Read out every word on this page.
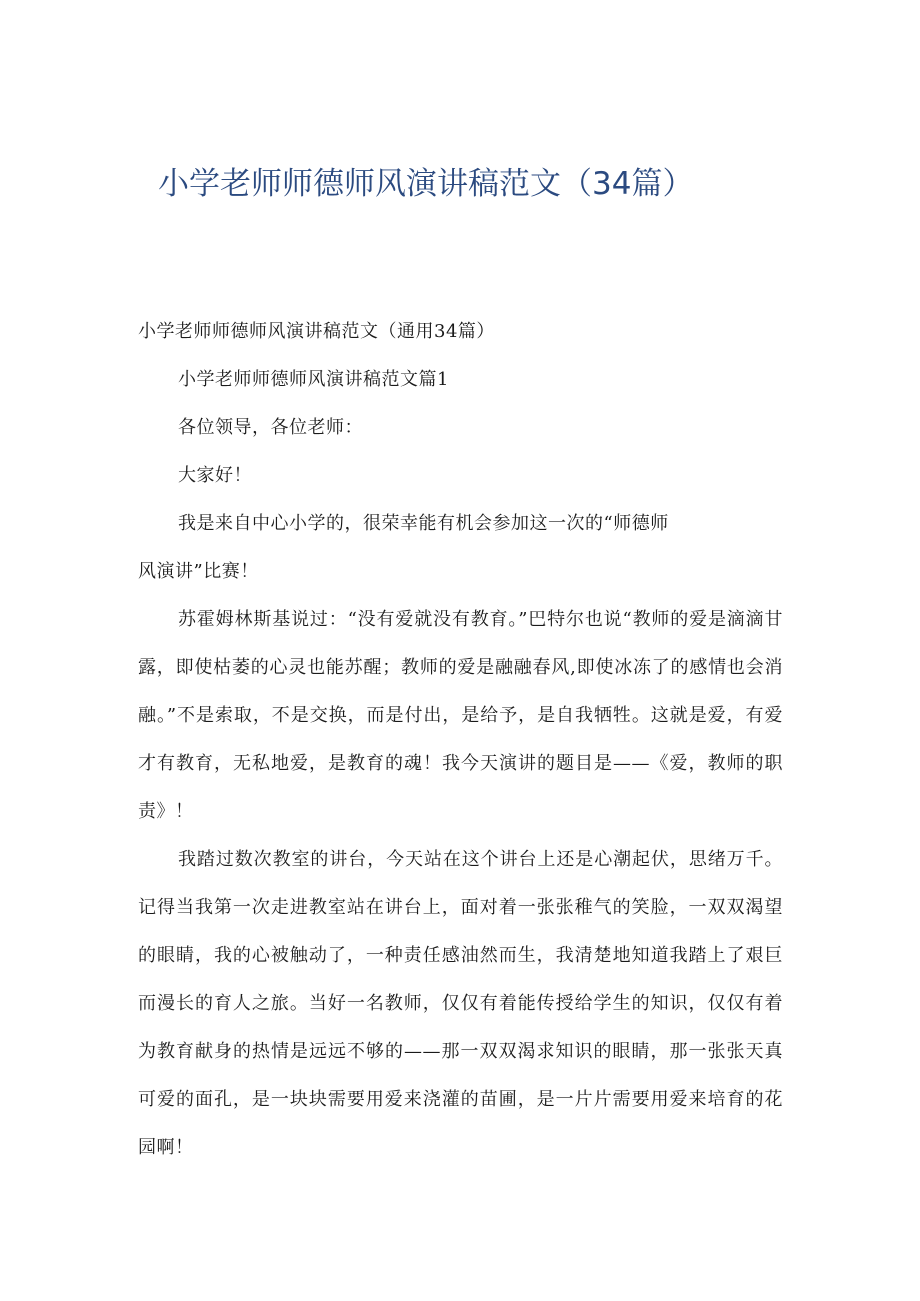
小学老师师德师风演讲稿范文（34篇）

小学老师师德师风演讲稿范文（通用34篇）

小学老师师德师风演讲稿范文篇1

各位领导，各位老师：

大家好！

我是来自中心小学的，很荣幸能有机会参加这一次的“师德师

风演讲”比赛！

苏霍姆林斯基说过：“没有爱就没有教育。”巴特尔也说“教师的爱是滴滴甘露，即使枯萎的心灵也能苏醒；教师的爱是融融春风,即使冰冻了的感情也会消融。”不是索取，不是交换，而是付出，是给予，是自我牺牲。这就是爱，有爱才有教育，无私地爱，是教育的魂！我今天演讲的题目是——《爱，教师的职责》！

我踏过数次教室的讲台，今天站在这个讲台上还是心潮起伏，思绪万千。记得当我第一次走进教室站在讲台上，面对着一张张稚气的笑脸，一双双渴望的眼睛，我的心被触动了，一种责任感油然而生，我清楚地知道我踏上了艰巨而漫长的育人之旅。当好一名教师，仅仅有着能传授给学生的知识，仅仅有着为教育献身的热情是远远不够的——那一双双渴求知识的眼睛，那一张张天真可爱的面孔，是一块块需要用爱来浇灌的苗圃，是一片片需要用爱来培育的花园啊！
